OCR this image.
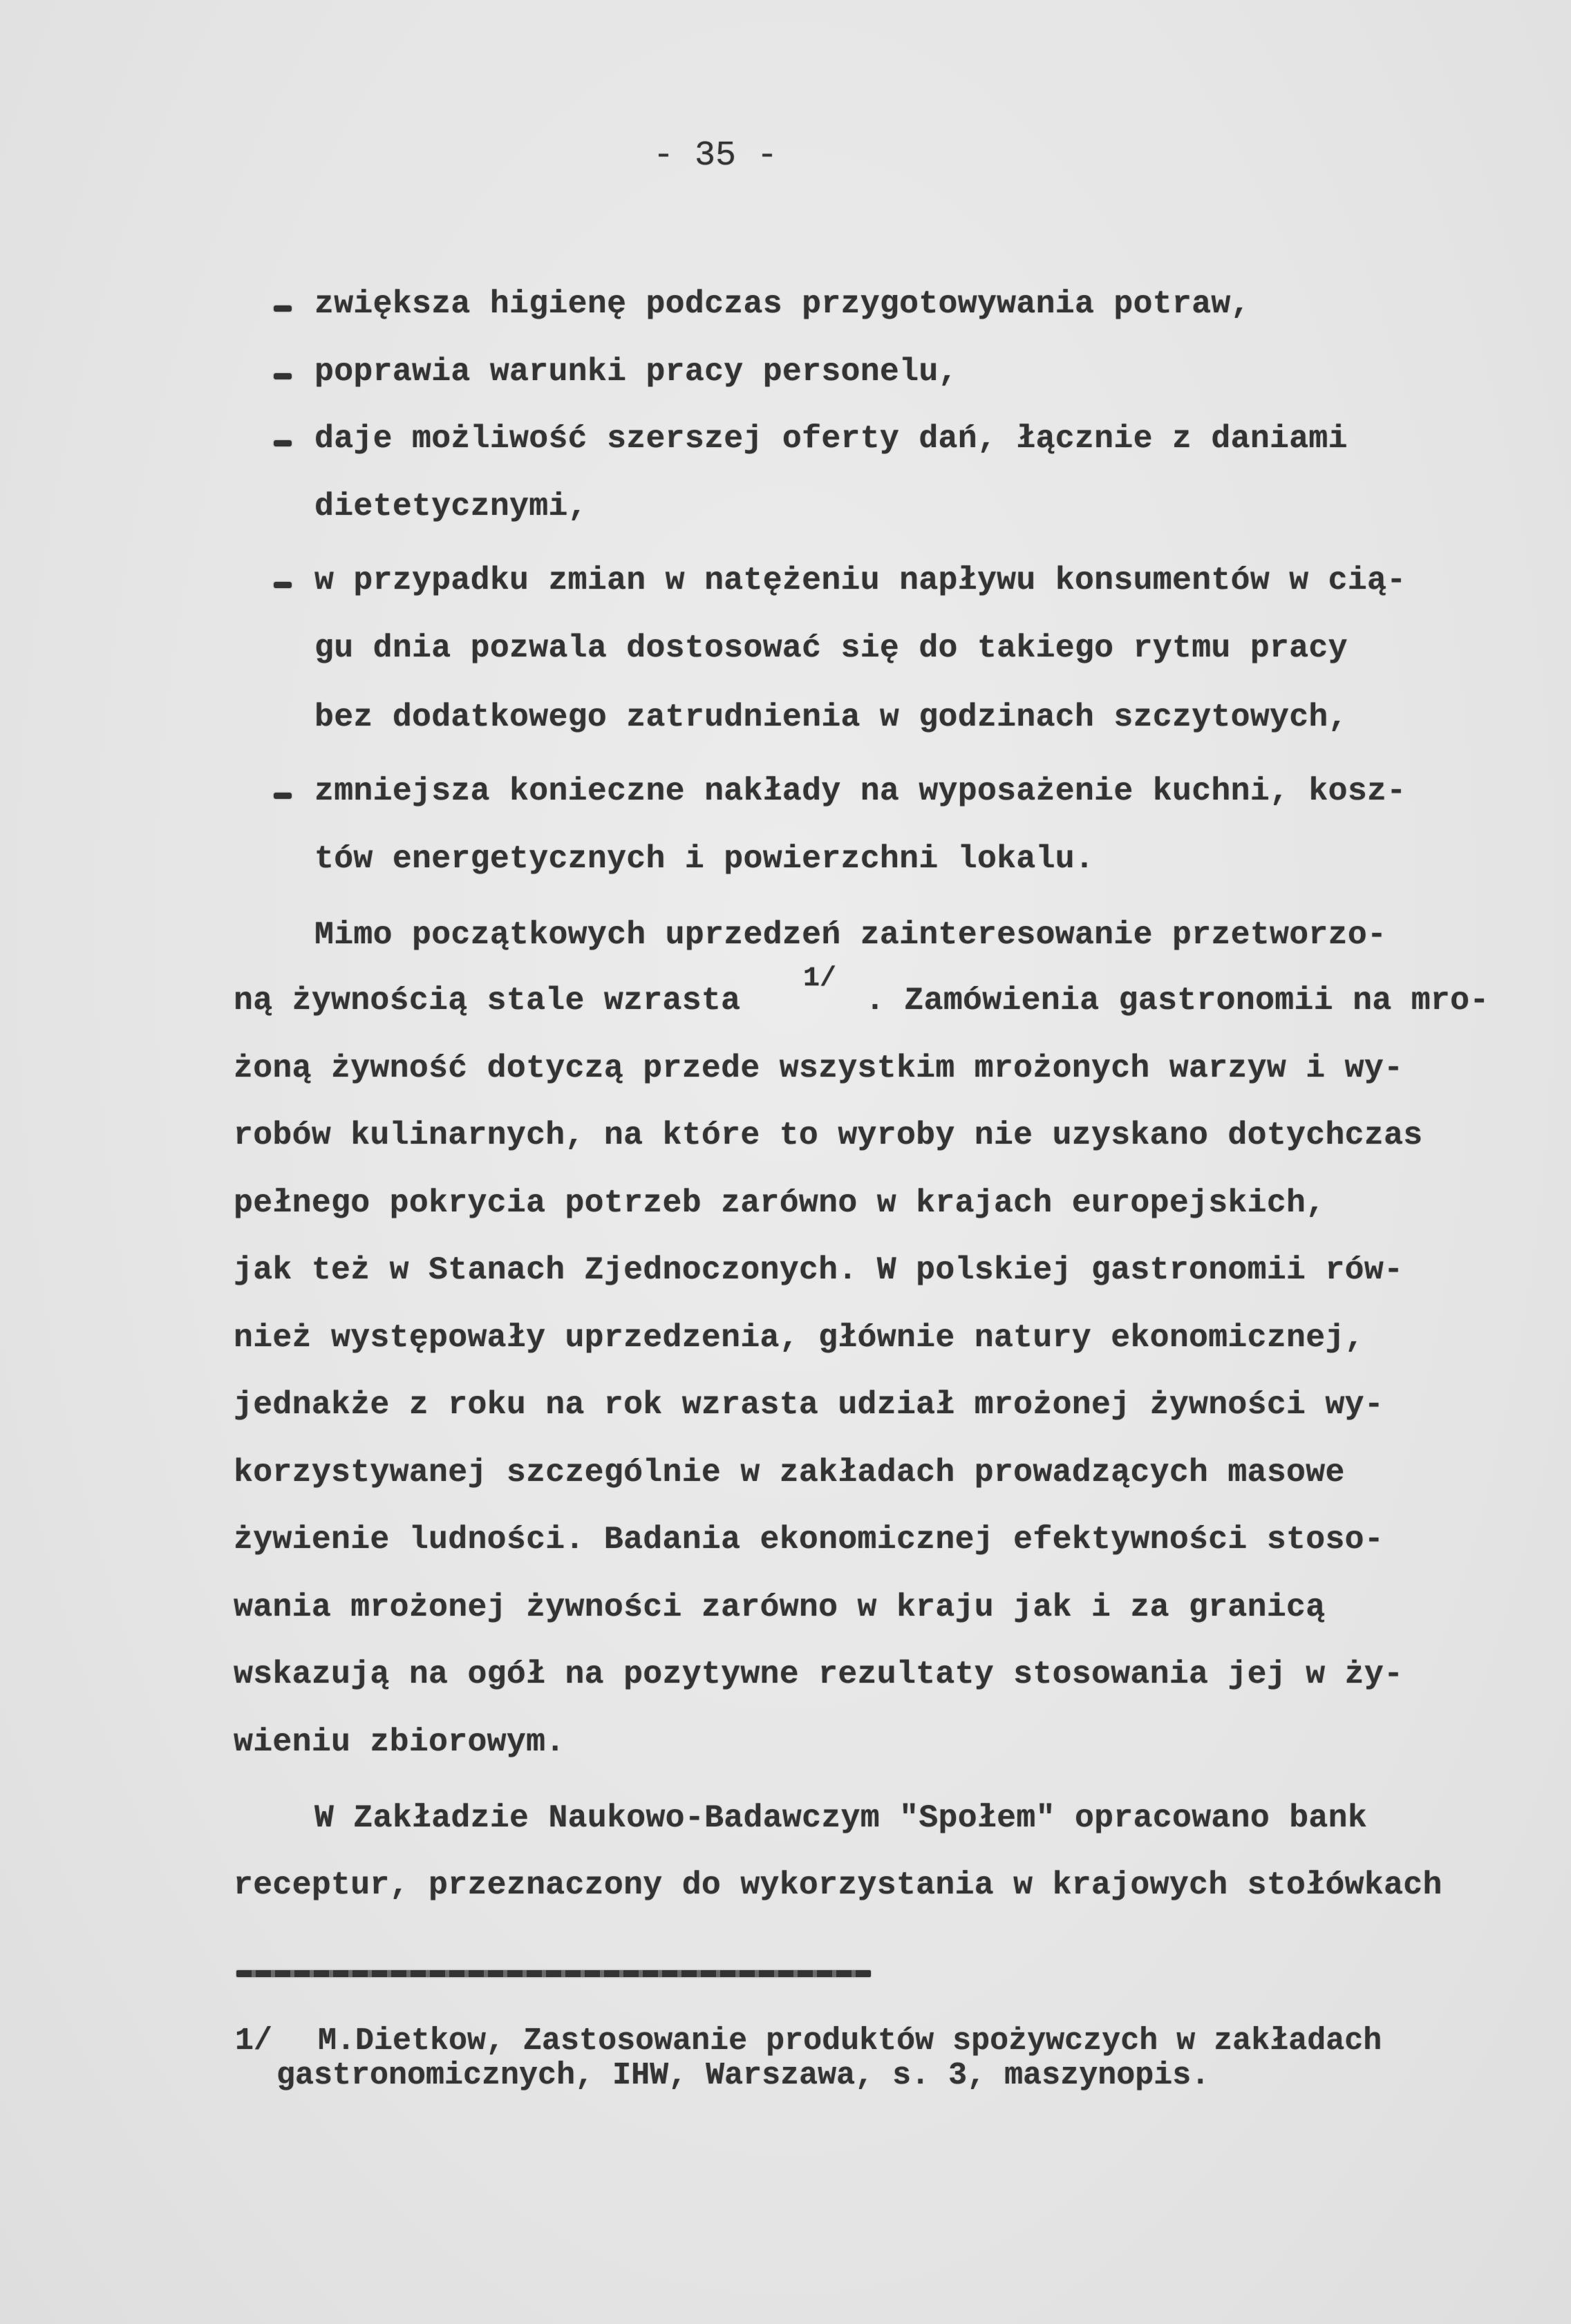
- 35 -
zwiększa higienę podczas przygotowywania potraw,
poprawia warunki pracy personelu,
daje możliwość szerszej oferty dań, łącznie z daniami
dietetycznymi,
w przypadku zmian w natężeniu napływu konsumentów w cią-
gu dnia pozwala dostosować się do takiego rytmu pracy
bez dodatkowego zatrudnienia w godzinach szczytowych,
zmniejsza konieczne nakłady na wyposażenie kuchni, kosz-
tów energetycznych i powierzchni lokalu.
Mimo początkowych uprzedzeń zainteresowanie przetworzo-
ną żywnością stale wzrasta
1/
. Zamówienia gastronomii na mro-
żoną żywność dotyczą przede wszystkim mrożonych warzyw i wy-
robów kulinarnych, na które to wyroby nie uzyskano dotychczas
pełnego pokrycia potrzeb zarówno w krajach europejskich,
jak też w Stanach Zjednoczonych. W polskiej gastronomii rów-
nież występowały uprzedzenia, głównie natury ekonomicznej,
jednakże z roku na rok wzrasta udział mrożonej żywności wy-
korzystywanej szczególnie w zakładach prowadzących masowe
żywienie ludności. Badania ekonomicznej efektywności stoso-
wania mrożonej żywności zarówno w kraju jak i za granicą
wskazują na ogół na pozytywne rezultaty stosowania jej w ży-
wieniu zbiorowym.
W Zakładzie Naukowo-Badawczym "Społem" opracowano bank
receptur, przeznaczony do wykorzystania w krajowych stołówkach
1/ M.Dietkow, Zastosowanie produktów spożywczych w zakładach
gastronomicznych, IHW, Warszawa, s. 3, maszynopis.
